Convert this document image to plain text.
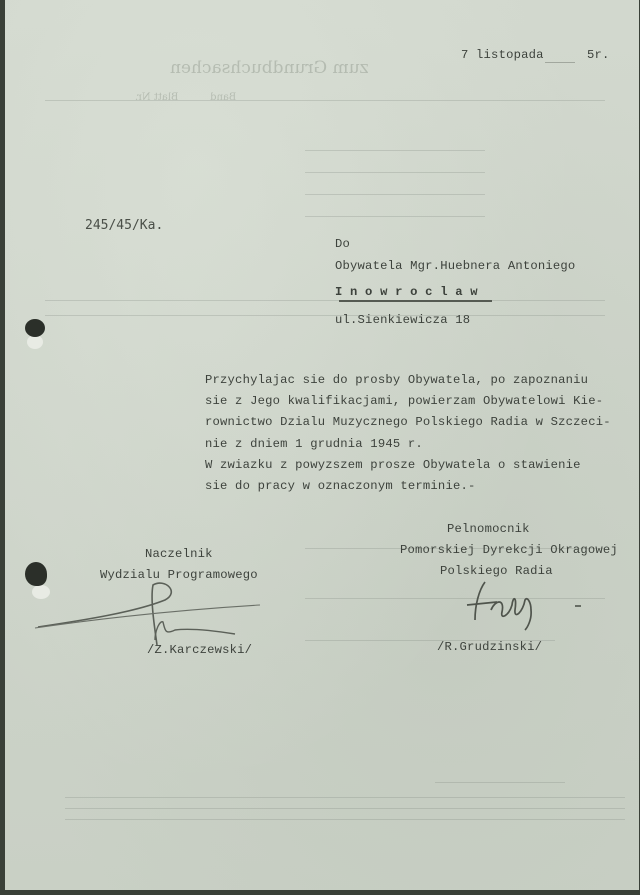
zum Grundbuchsachen
Band          Blatt Nr.
7 listopada	5r.
245/45/Ka.
Do
Obywatela Mgr.Huebnera Antoniego
I n o w r o c l a w
ul.Sienkiewicza 18
Przychylajac sie do prosby Obywatela, po zapoznaniu
sie z Jego kwalifikacjami, powierzam Obywatelowi Kie-
rownictwo Dzialu Muzycznego Polskiego Radia w Szczeci-
nie z dniem 1 grudnia 1945 r.
W zwiazku z powyzszem prosze Obywatela o stawienie
sie do pracy w oznaczonym terminie.-
Pelnomocnik
Pomorskiej Dyrekcji Okragowej
Polskiego Radia
/R.Grudzinski/
Naczelnik
Wydzialu Programowego
/Z.Karczewski/
